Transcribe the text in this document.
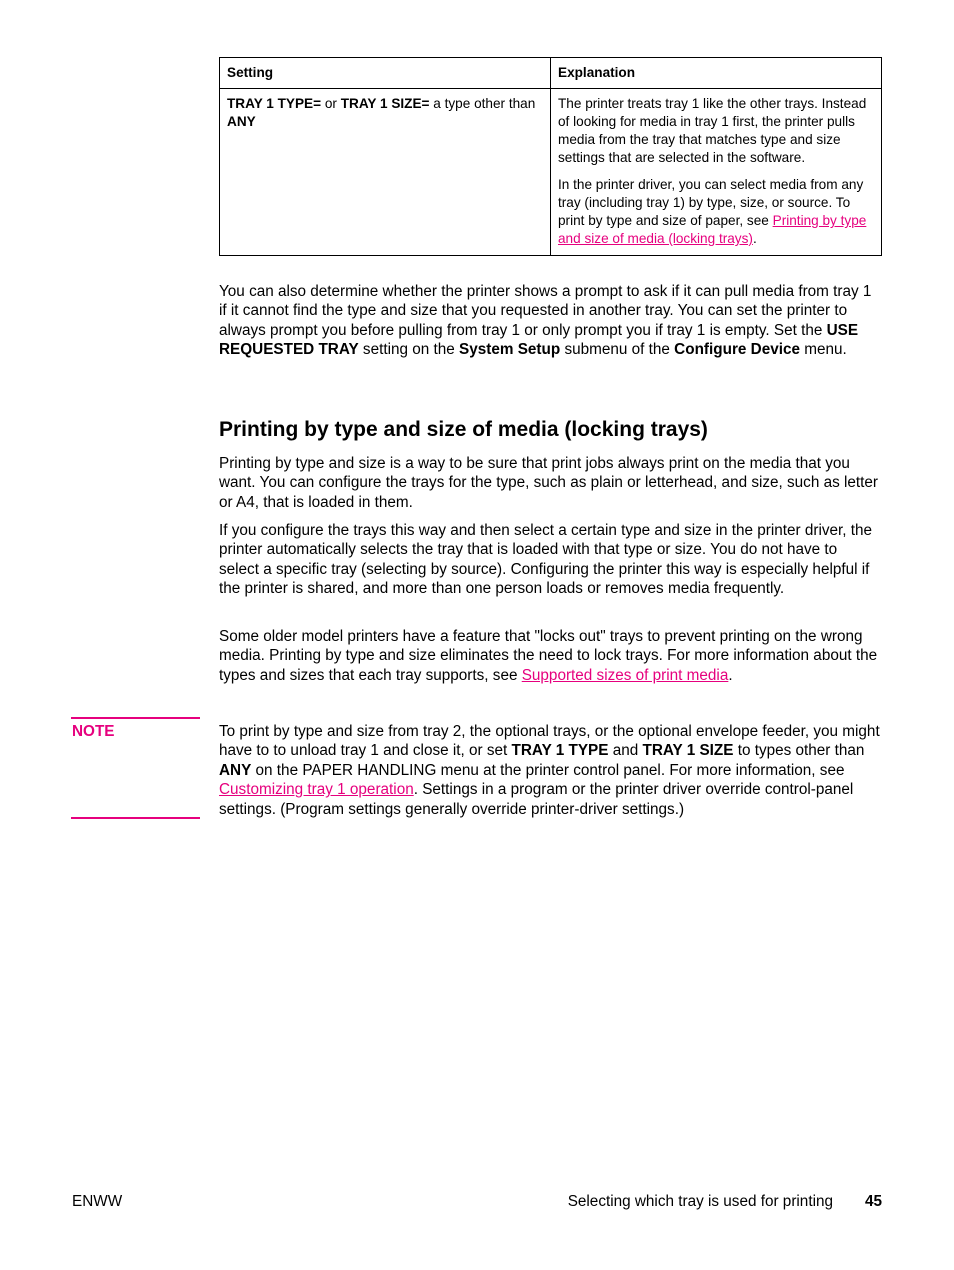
Setting	Explanation
TRAY 1 TYPE= or TRAY 1 SIZE= a type other than ANY	The printer treats tray 1 like the other trays. Instead of looking for media in tray 1 first, the printer pulls media from the tray that matches type and size settings that are selected in the software.

In the printer driver, you can select media from any tray (including tray 1) by type, size, or source. To print by type and size of paper, see Printing by type and size of media (locking trays).

You can also determine whether the printer shows a prompt to ask if it can pull media from tray 1 if it cannot find the type and size that you requested in another tray. You can set the printer to always prompt you before pulling from tray 1 or only prompt you if tray 1 is empty. Set the USE REQUESTED TRAY setting on the System Setup submenu of the Configure Device menu.

Printing by type and size of media (locking trays)

Printing by type and size is a way to be sure that print jobs always print on the media that you want. You can configure the trays for the type, such as plain or letterhead, and size, such as letter or A4, that is loaded in them.

If you configure the trays this way and then select a certain type and size in the printer driver, the printer automatically selects the tray that is loaded with that type or size. You do not have to select a specific tray (selecting by source). Configuring the printer this way is especially helpful if the printer is shared, and more than one person loads or removes media frequently.

Some older model printers have a feature that "locks out" trays to prevent printing on the wrong media. Printing by type and size eliminates the need to lock trays. For more information about the types and sizes that each tray supports, see Supported sizes of print media.

NOTE	To print by type and size from tray 2, the optional trays, or the optional envelope feeder, you might have to to unload tray 1 and close it, or set TRAY 1 TYPE and TRAY 1 SIZE to types other than ANY on the PAPER HANDLING menu at the printer control panel. For more information, see Customizing tray 1 operation. Settings in a program or the printer driver override control-panel settings. (Program settings generally override printer-driver settings.)

ENWW	Selecting which tray is used for printing 45
